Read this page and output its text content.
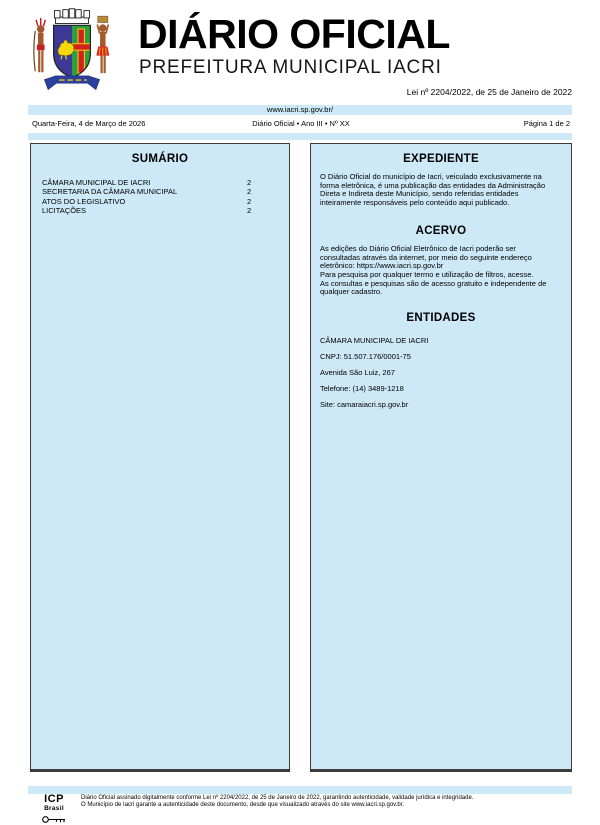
DIÁRIO OFICIAL
PREFEITURA MUNICIPAL IACRI
Lei nº 2204/2022, de 25 de Janeiro de 2022
www.iacri.sp.gov.br/
Quarta-Feira, 4 de Março de 2026	Diário Oficial • Ano III • Nº XX	Página 1 de 2
SUMÁRIO
CÂMARA MUNICIPAL DE IACRI	2
SECRETARIA DA CÂMARA MUNICIPAL	2
ATOS DO LEGISLATIVO	2
LICITAÇÕES	2
EXPEDIENTE
O Diário Oficial do município de Iacri, veiculado exclusivamente na forma eletrônica, é uma publicação das entidades da Administração Direta e Indireta deste Município, sendo referidas entidades inteiramente responsáveis pelo conteúdo aqui publicado.
ACERVO
As edições do Diário Oficial Eletrônico de Iacri poderão ser consultadas através da internet, por meio do seguinte endereço eletrônico: https://www.iacri.sp.gov.br
Para pesquisa por qualquer termo e utilização de filtros, acesse.
As consultas e pesquisas são de acesso gratuito e independente de qualquer cadastro.
ENTIDADES
CÂMARA MUNICIPAL DE IACRI
CNPJ: 51.507.176/0001-75
Avenida São Luiz, 267
Telefone: (14) 3489-1218
Site: camaraiacri.sp.gov.br
ICP
Brasil
Diário Oficial assinado digitalmente conforme Lei nº 2204/2022, de 25 de Janeiro de 2022, garantindo autenticidade, validade jurídica e integridade.
O Município de Iacri garante a autenticidade deste documento, desde que visualizado através do site www.iacri.sp.gov.br.
